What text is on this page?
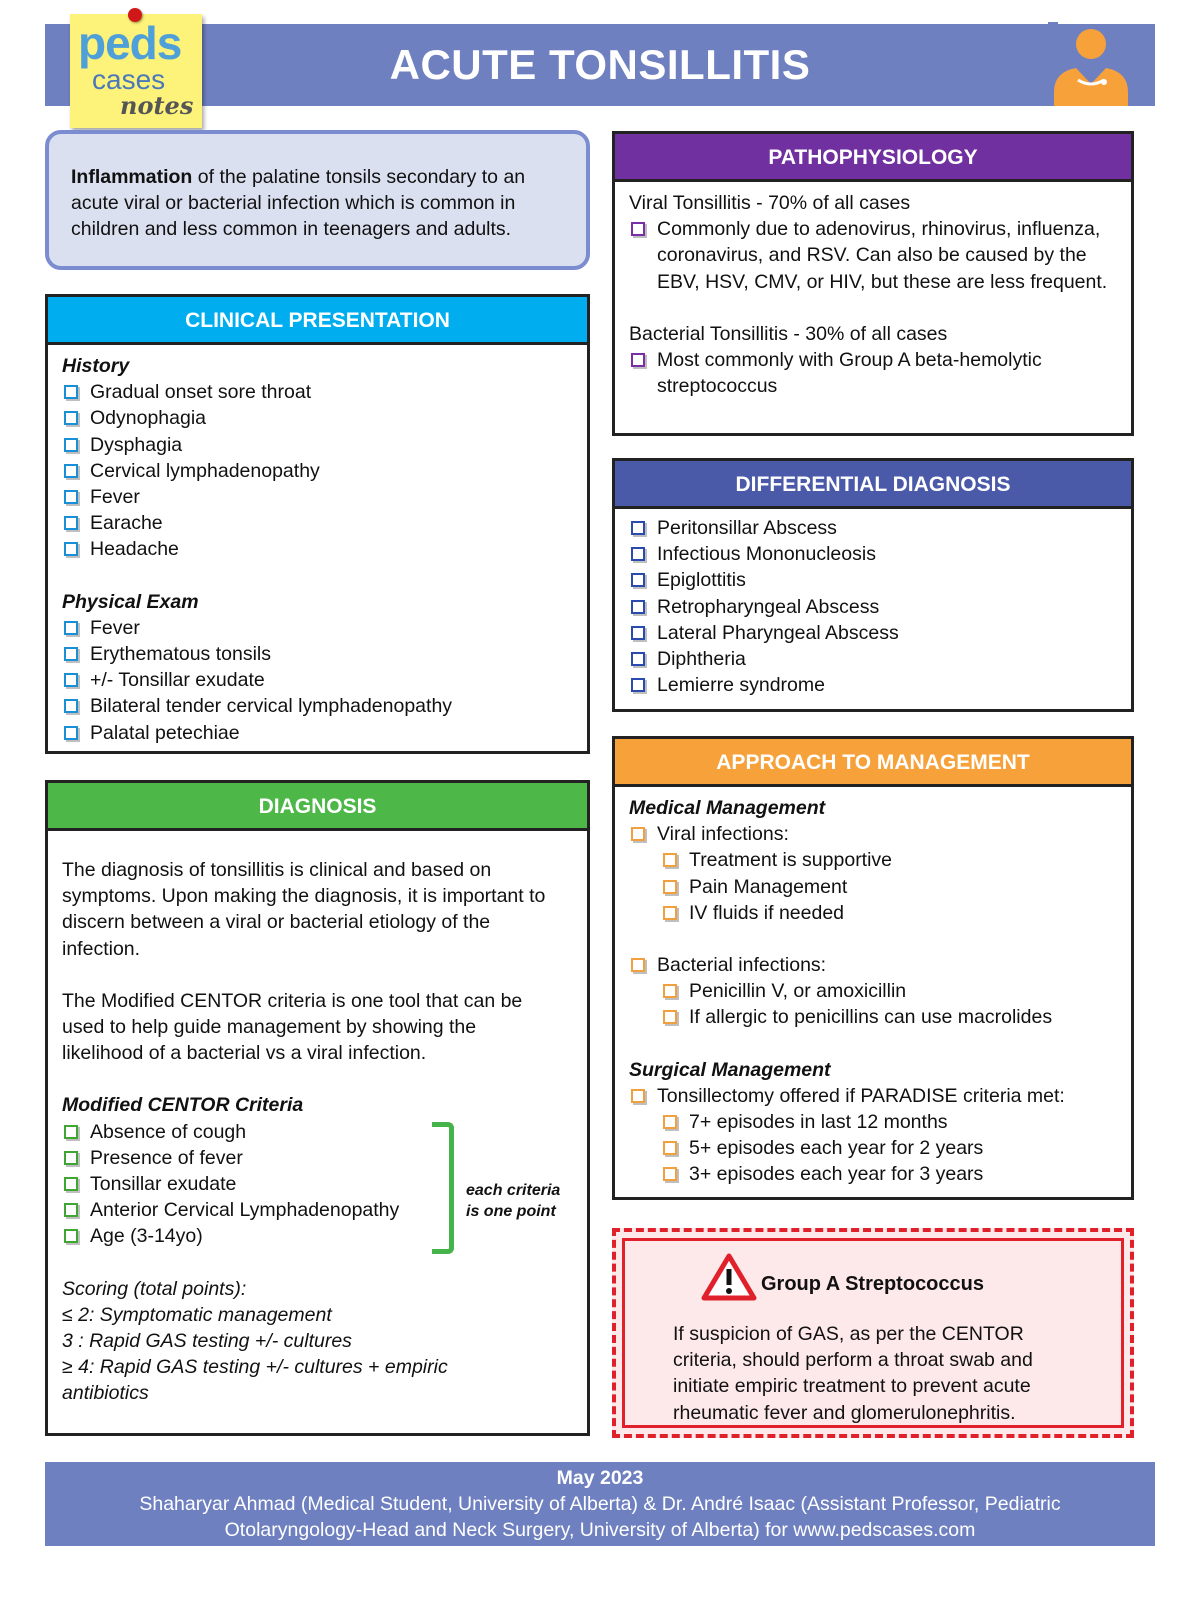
ACUTE TONSILLITIS
peds
cases
notes
Inflammation of the palatine tonsils secondary to an acute viral or bacterial infection which is common in children and less common in teenagers and adults.
CLINICAL PRESENTATION
History
Gradual onset sore throat
Odynophagia
Dysphagia
Cervical lymphadenopathy
Fever
Earache
Headache
Physical Exam
Fever
Erythematous tonsils
+/- Tonsillar exudate
Bilateral tender cervical lymphadenopathy
Palatal petechiae
DIAGNOSIS
The diagnosis of tonsillitis is clinical and based on symptoms. Upon making the diagnosis, it is important to discern between a viral or bacterial etiology of the infection.
The Modified CENTOR criteria is one tool that can be used to help guide management by showing the likelihood of a bacterial vs a viral infection.
Modified CENTOR Criteria
Absence of cough
Presence of fever
Tonsillar exudate
Anterior Cervical Lymphadenopathy
Age (3-14yo)
Scoring (total points):
≤ 2: Symptomatic management
3 : Rapid GAS testing +/- cultures
≥ 4: Rapid GAS testing +/- cultures + empiric antibiotics
each criteria
is one point
PATHOPHYSIOLOGY
Viral Tonsillitis - 70% of all cases
Commonly due to adenovirus, rhinovirus, influenza, coronavirus, and RSV. Can also be caused by the EBV, HSV, CMV, or HIV, but these are less frequent.
Bacterial Tonsillitis - 30% of all cases
Most commonly with Group A beta-hemolytic streptococcus
DIFFERENTIAL DIAGNOSIS
Peritonsillar Abscess
Infectious Mononucleosis
Epiglottitis
Retropharyngeal Abscess
Lateral Pharyngeal Abscess
Diphtheria
Lemierre syndrome
APPROACH TO MANAGEMENT
Medical Management
Viral infections:
Treatment is supportive
Pain Management
IV fluids if needed
Bacterial infections:
Penicillin V, or amoxicillin
If allergic to penicillins can use macrolides
Surgical Management
Tonsillectomy offered if PARADISE criteria met:
7+ episodes in last 12 months
5+ episodes each year for 2 years
3+ episodes each year for 3 years
Group A Streptococcus
If suspicion of GAS, as per the CENTOR criteria, should perform a throat swab and initiate empiric treatment to prevent acute rheumatic fever and glomerulonephritis.
May 2023
Shaharyar Ahmad (Medical Student, University of Alberta) & Dr. André Isaac (Assistant Professor, Pediatric
Otolaryngology-Head and Neck Surgery, University of Alberta) for www.pedscases.com
